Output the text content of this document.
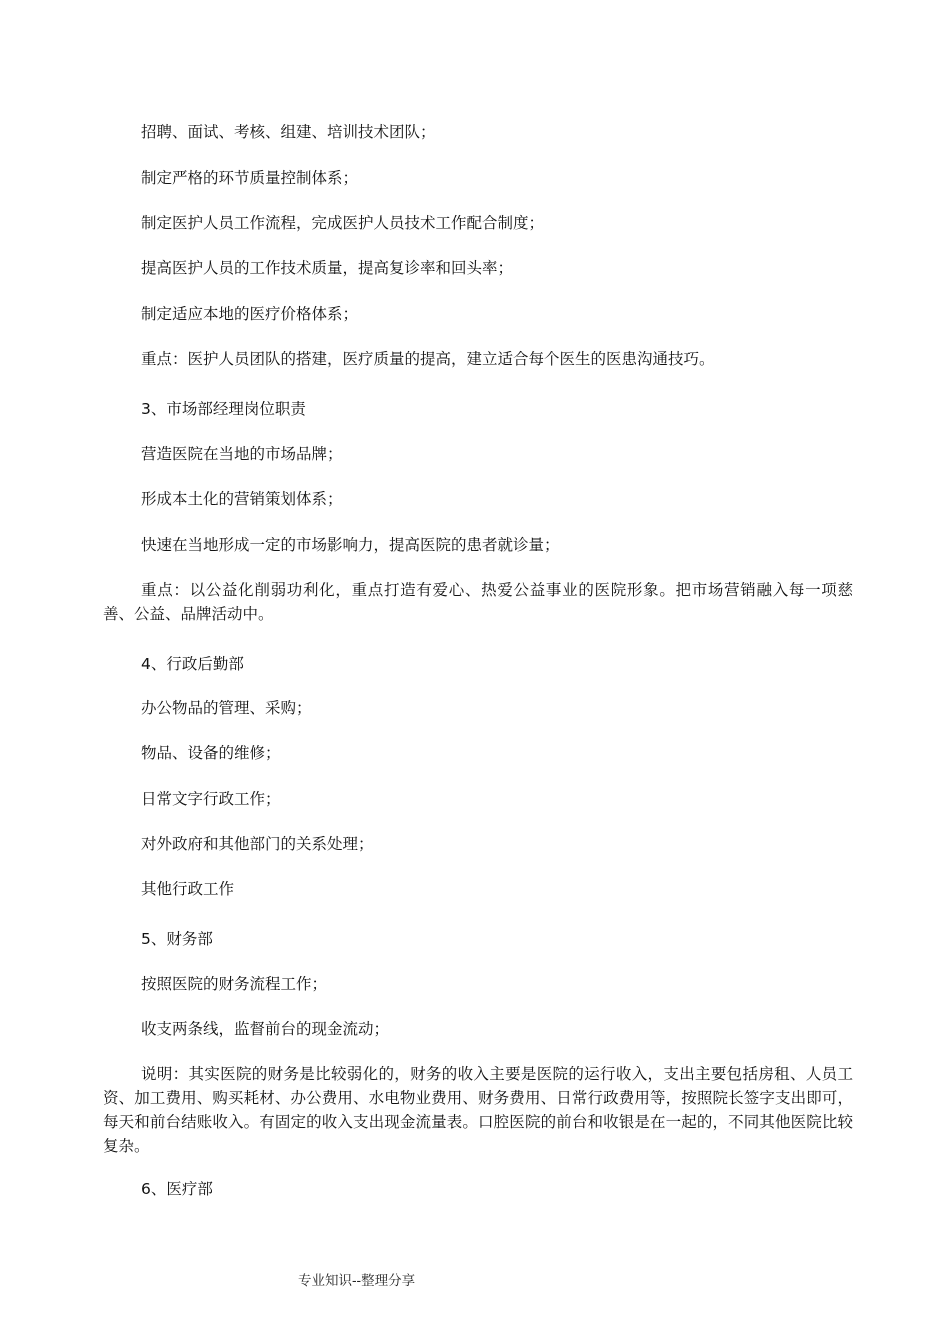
招聘、面试、考核、组建、培训技术团队；
制定严格的环节质量控制体系；
制定医护人员工作流程，完成医护人员技术工作配合制度；
提高医护人员的工作技术质量，提高复诊率和回头率；
制定适应本地的医疗价格体系；
重点：医护人员团队的搭建，医疗质量的提高，建立适合每个医生的医患沟通技巧。
3、市场部经理岗位职责
营造医院在当地的市场品牌；
形成本土化的营销策划体系；
快速在当地形成一定的市场影响力，提高医院的患者就诊量；
重点：以公益化削弱功利化，重点打造有爱心、热爱公益事业的医院形象。把市场营销融入每一项慈善、公益、品牌活动中。
4、行政后勤部
办公物品的管理、采购；
物品、设备的维修；
日常文字行政工作；
对外政府和其他部门的关系处理；
其他行政工作
5、财务部
按照医院的财务流程工作；
收支两条线，监督前台的现金流动；
说明：其实医院的财务是比较弱化的，财务的收入主要是医院的运行收入，支出主要包括房租、人员工资、加工费用、购买耗材、办公费用、水电物业费用、财务费用、日常行政费用等，按照院长签字支出即可，每天和前台结账收入。有固定的收入支出现金流量表。口腔医院的前台和收银是在一起的，不同其他医院比较复杂。
6、医疗部
专业知识--整理分享
